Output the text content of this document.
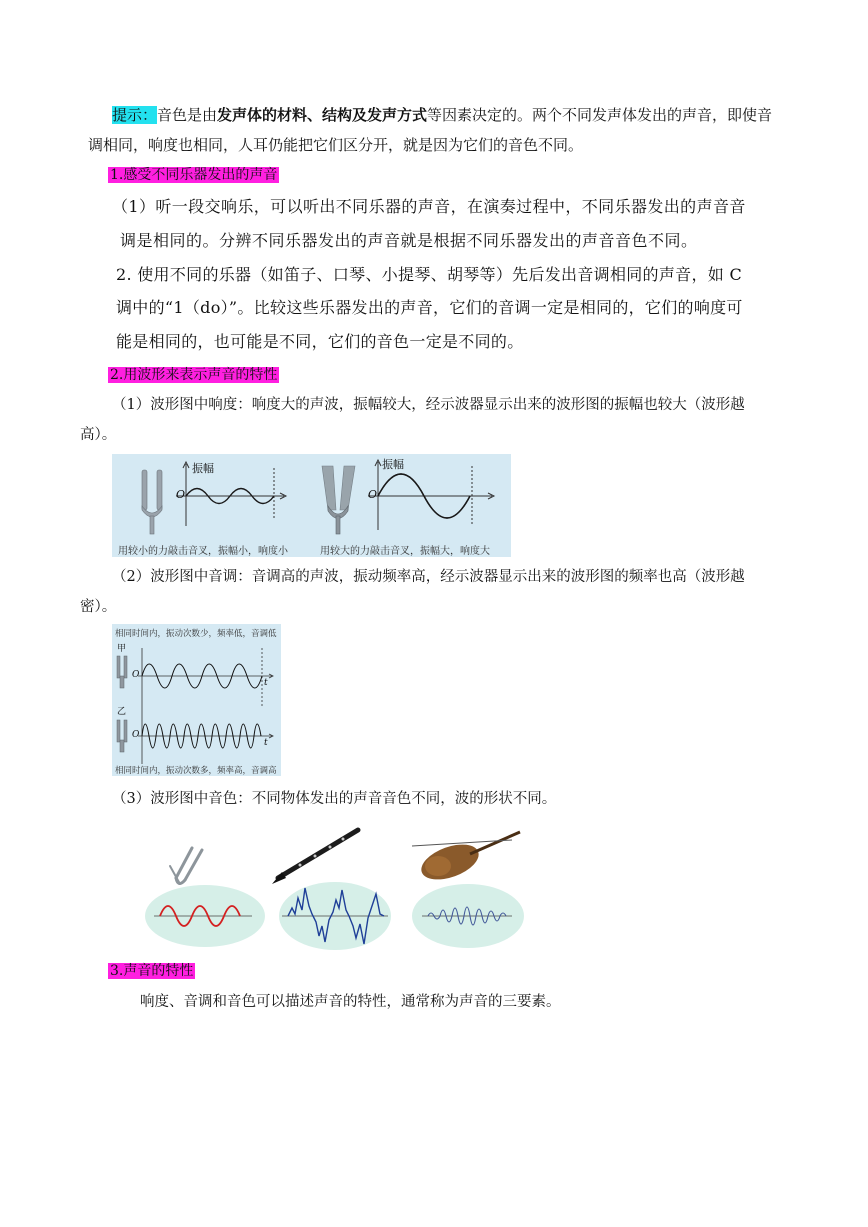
提示：音色是由发声体的材料、结构及发声方式等因素决定的。两个不同发声体发出的声音，即使音
调相同，响度也相同，人耳仍能把它们区分开，就是因为它们的音色不同。
1.感受不同乐器发出的声音
（1）听一段交响乐，可以听出不同乐器的声音，在演奏过程中，不同乐器发出的声音音
调是相同的。分辨不同乐器发出的声音就是根据不同乐器发出的声音音色不同。
2. 使用不同的乐器（如笛子、口琴、小提琴、胡琴等）先后发出音调相同的声音，如 C
调中的“1（do）”。比较这些乐器发出的声音，它们的音调一定是相同的，它们的响度可
能是相同的，也可能是不同，它们的音色一定是不同的。
2.用波形来表示声音的特性
（1）波形图中响度：响度大的声波，振幅较大，经示波器显示出来的波形图的振幅也较大（波形越
高）。
振幅
O
振幅
O
用较小的力敲击音叉，振幅小，响度小	用较大的力敲击音叉，振幅大，响度大
（2）波形图中音调：音调高的声波，振动频率高，经示波器显示出来的波形图的频率也高（波形越
密）。
相同时间内，振动次数少，频率低，音调低
甲
O
t
乙
O
t
相同时间内，振动次数多，频率高，音调高
（3）波形图中音色：不同物体发出的声音音色不同，波的形状不同。
3.声音的特性
响度、音调和音色可以描述声音的特性，通常称为声音的三要素。
